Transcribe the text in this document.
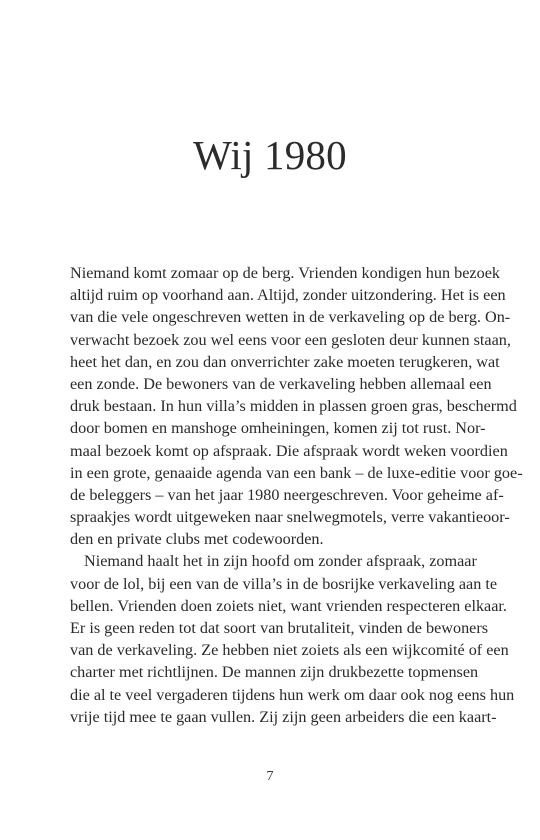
Wij 1980
Niemand komt zomaar op de berg. Vrienden kondigen hun bezoek
altijd ruim op voorhand aan. Altijd, zonder uitzondering. Het is een
van die vele ongeschreven wetten in de verkaveling op de berg. On-
verwacht bezoek zou wel eens voor een gesloten deur kunnen staan,
heet het dan, en zou dan onverrichter zake moeten terugkeren, wat
een zonde. De bewoners van de verkaveling hebben allemaal een
druk bestaan. In hun villa’s midden in plassen groen gras, beschermd
door bomen en manshoge omheiningen, komen zij tot rust. Nor-
maal bezoek komt op afspraak. Die afspraak wordt weken voordien
in een grote, genaaide agenda van een bank – de luxe-editie voor goe-
de beleggers – van het jaar 1980 neergeschreven. Voor geheime af-
spraakjes wordt uitgeweken naar snelwegmotels, verre vakantieoor-
den en private clubs met codewoorden.
Niemand haalt het in zijn hoofd om zonder afspraak, zomaar
voor de lol, bij een van de villa’s in de bosrijke verkaveling aan te
bellen. Vrienden doen zoiets niet, want vrienden respecteren elkaar.
Er is geen reden tot dat soort van brutaliteit, vinden de bewoners
van de verkaveling. Ze hebben niet zoiets als een wijkcomité of een
charter met richtlijnen. De mannen zijn drukbezette topmensen
die al te veel vergaderen tijdens hun werk om daar ook nog eens hun
vrije tijd mee te gaan vullen. Zij zijn geen arbeiders die een kaart-
7
